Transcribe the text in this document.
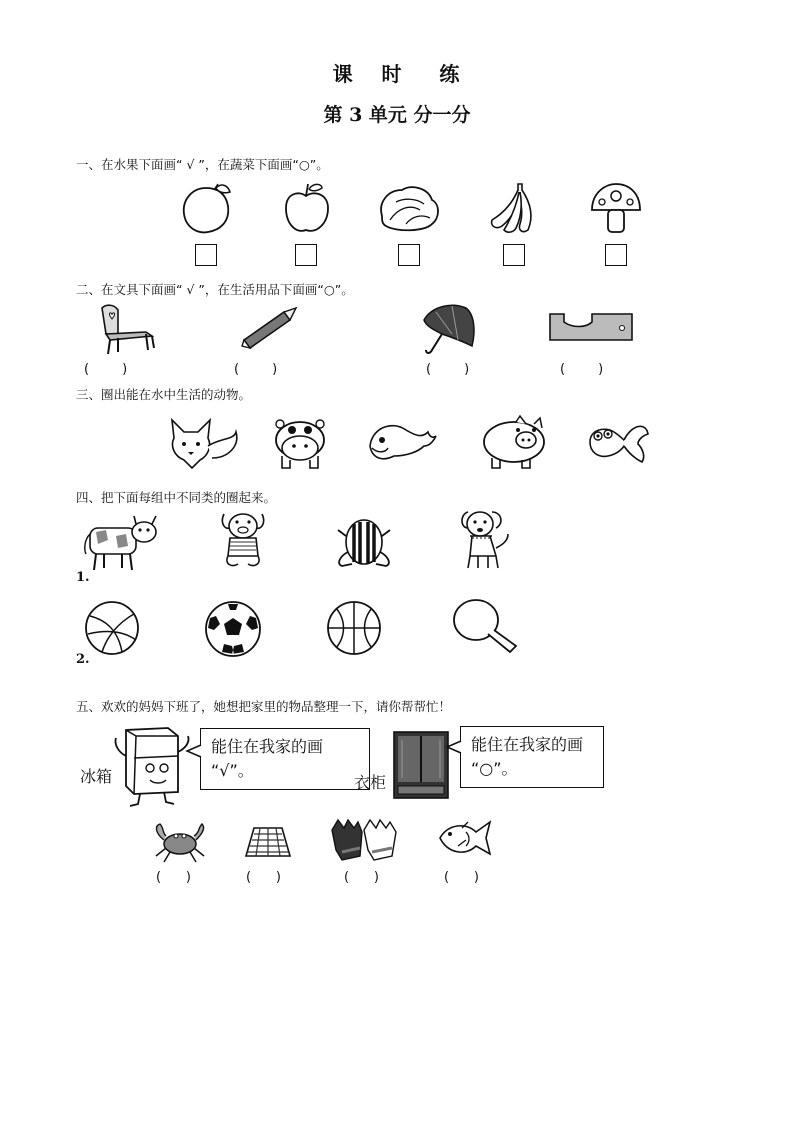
课   时    练
第 3 单元 分一分
一、在水果下面画“ √ ”，在蔬菜下面画“○”。
二、在文具下面画“ √ ”，在生活用品下面画“○”。
(        )	(        )	(        )	(        )
三、圈出能在水中生活的动物。
四、把下面每组中不同类的圈起来。
1.
2.
五、欢欢的妈妈下班了，她想把家里的物品整理一下，请你帮帮忙！
冰箱
能住在我家的画
“√”。
衣柜
能住在我家的画
“○”。
(      )	(      )	(      )	(      )
